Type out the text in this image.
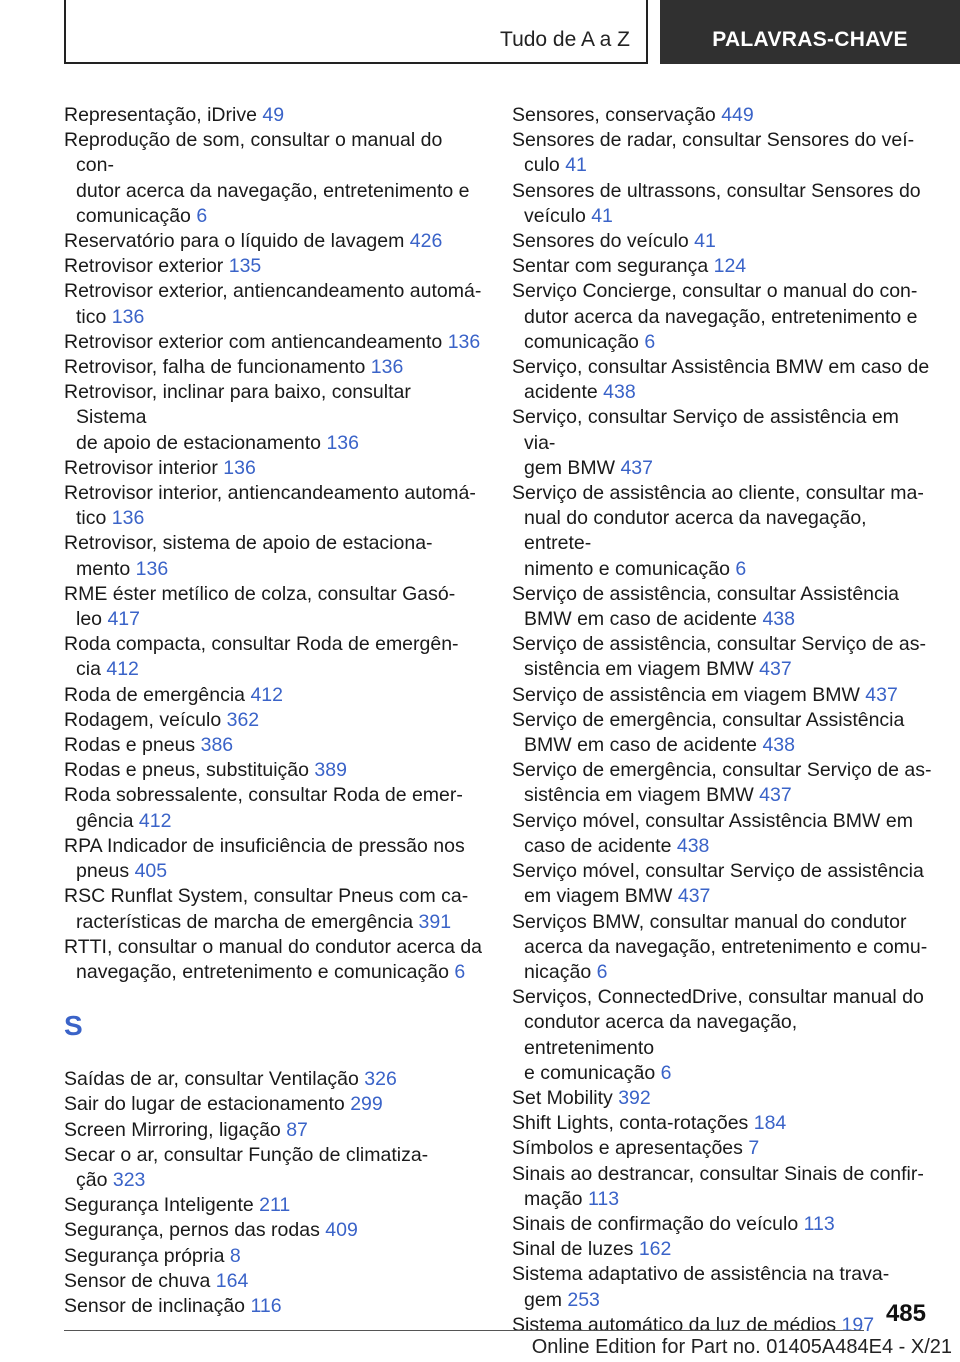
Tudo de A a Z	PALAVRAS-CHAVE
Representação, iDrive 49
Reprodução de som, consultar o manual do con‐
dutor acerca da navegação, entretenimento e
comunicação 6
Reservatório para o líquido de lavagem 426
Retrovisor exterior 135
Retrovisor exterior, antiencandeamento automá‐
tico 136
Retrovisor exterior com antiencandeamento 136
Retrovisor, falha de funcionamento 136
Retrovisor, inclinar para baixo, consultar Sistema
de apoio de estacionamento 136
Retrovisor interior 136
Retrovisor interior, antiencandeamento automá‐
tico 136
Retrovisor, sistema de apoio de estaciona‐
mento 136
RME éster metílico de colza, consultar Gasó‐
leo 417
Roda compacta, consultar Roda de emergên‐
cia 412
Roda de emergência 412
Rodagem, veículo 362
Rodas e pneus 386
Rodas e pneus, substituição 389
Roda sobressalente, consultar Roda de emer‐
gência 412
RPA Indicador de insuficiência de pressão nos
pneus 405
RSC Runflat System, consultar Pneus com ca‐
racterísticas de marcha de emergência 391
RTTI, consultar o manual do condutor acerca da
navegação, entretenimento e comunicação 6
S
Saídas de ar, consultar Ventilação 326
Sair do lugar de estacionamento 299
Screen Mirroring, ligação 87
Secar o ar, consultar Função de climatiza‐
ção 323
Segurança Inteligente 211
Segurança, pernos das rodas 409
Segurança própria 8
Sensor de chuva 164
Sensor de inclinação 116
Sensores, conservação 449
Sensores de radar, consultar Sensores do veí‐
culo 41
Sensores de ultrassons, consultar Sensores do
veículo 41
Sensores do veículo 41
Sentar com segurança 124
Serviço Concierge, consultar o manual do con‐
dutor acerca da navegação, entretenimento e
comunicação 6
Serviço, consultar Assistência BMW em caso de
acidente 438
Serviço, consultar Serviço de assistência em via‐
gem BMW 437
Serviço de assistência ao cliente, consultar ma‐
nual do condutor acerca da navegação, entrete‐
nimento e comunicação 6
Serviço de assistência, consultar Assistência
BMW em caso de acidente 438
Serviço de assistência, consultar Serviço de as‐
sistência em viagem BMW 437
Serviço de assistência em viagem BMW 437
Serviço de emergência, consultar Assistência
BMW em caso de acidente 438
Serviço de emergência, consultar Serviço de as‐
sistência em viagem BMW 437
Serviço móvel, consultar Assistência BMW em
caso de acidente 438
Serviço móvel, consultar Serviço de assistência
em viagem BMW 437
Serviços BMW, consultar manual do condutor
acerca da navegação, entretenimento e comu‐
nicação 6
Serviços, ConnectedDrive, consultar manual do
condutor acerca da navegação, entretenimento
e comunicação 6
Set Mobility 392
Shift Lights, conta-rotações 184
Símbolos e apresentações 7
Sinais ao destrancar, consultar Sinais de confir‐
mação 113
Sinais de confirmação do veículo 113
Sinal de luzes 162
Sistema adaptativo de assistência na trava‐
gem 253
Sistema automático da luz de médios 197 485
Online Edition for Part no. 01405A484E4 - X/21
